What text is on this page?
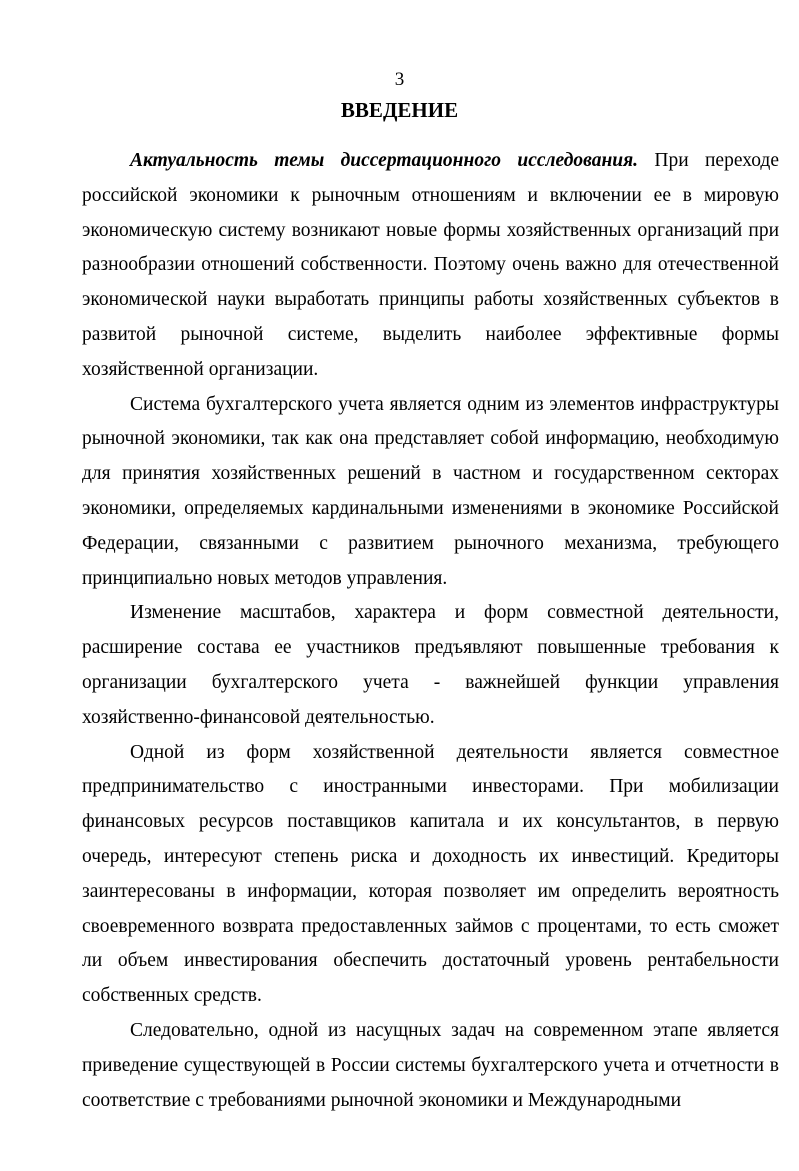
3
ВВЕДЕНИЕ

Актуальность темы диссертационного исследования. При переходе российской экономики к рыночным отношениям и включении ее в мировую экономическую систему возникают новые формы хозяйственных организаций при разнообразии отношений собственности. Поэтому очень важно для отечественной экономической науки выработать принципы работы хозяйственных субъектов в развитой рыночной системе, выделить наиболее эффективные формы хозяйственной организации.

Система бухгалтерского учета является одним из элементов инфраструктуры рыночной экономики, так как она представляет собой информацию, необходимую для принятия хозяйственных решений в частном и государственном секторах экономики, определяемых кардинальными изменениями в экономике Российской Федерации, связанными с развитием рыночного механизма, требующего принципиально новых методов управления.

Изменение масштабов, характера и форм совместной деятельности, расширение состава ее участников предъявляют повышенные требования к организации бухгалтерского учета - важнейшей функции управления хозяйственно-финансовой деятельностью.

Одной из форм хозяйственной деятельности является совместное предпринимательство с иностранными инвесторами. При мобилизации финансовых ресурсов поставщиков капитала и их консультантов, в первую очередь, интересуют степень риска и доходность их инвестиций. Кредиторы заинтересованы в информации, которая позволяет им определить вероятность своевременного возврата предоставленных займов с процентами, то есть сможет ли объем инвестирования обеспечить достаточный уровень рентабельности собственных средств.

Следовательно, одной из насущных задач на современном этапе является приведение существующей в России системы бухгалтерского учета и отчетности в соответствие с требованиями рыночной экономики и Международными
